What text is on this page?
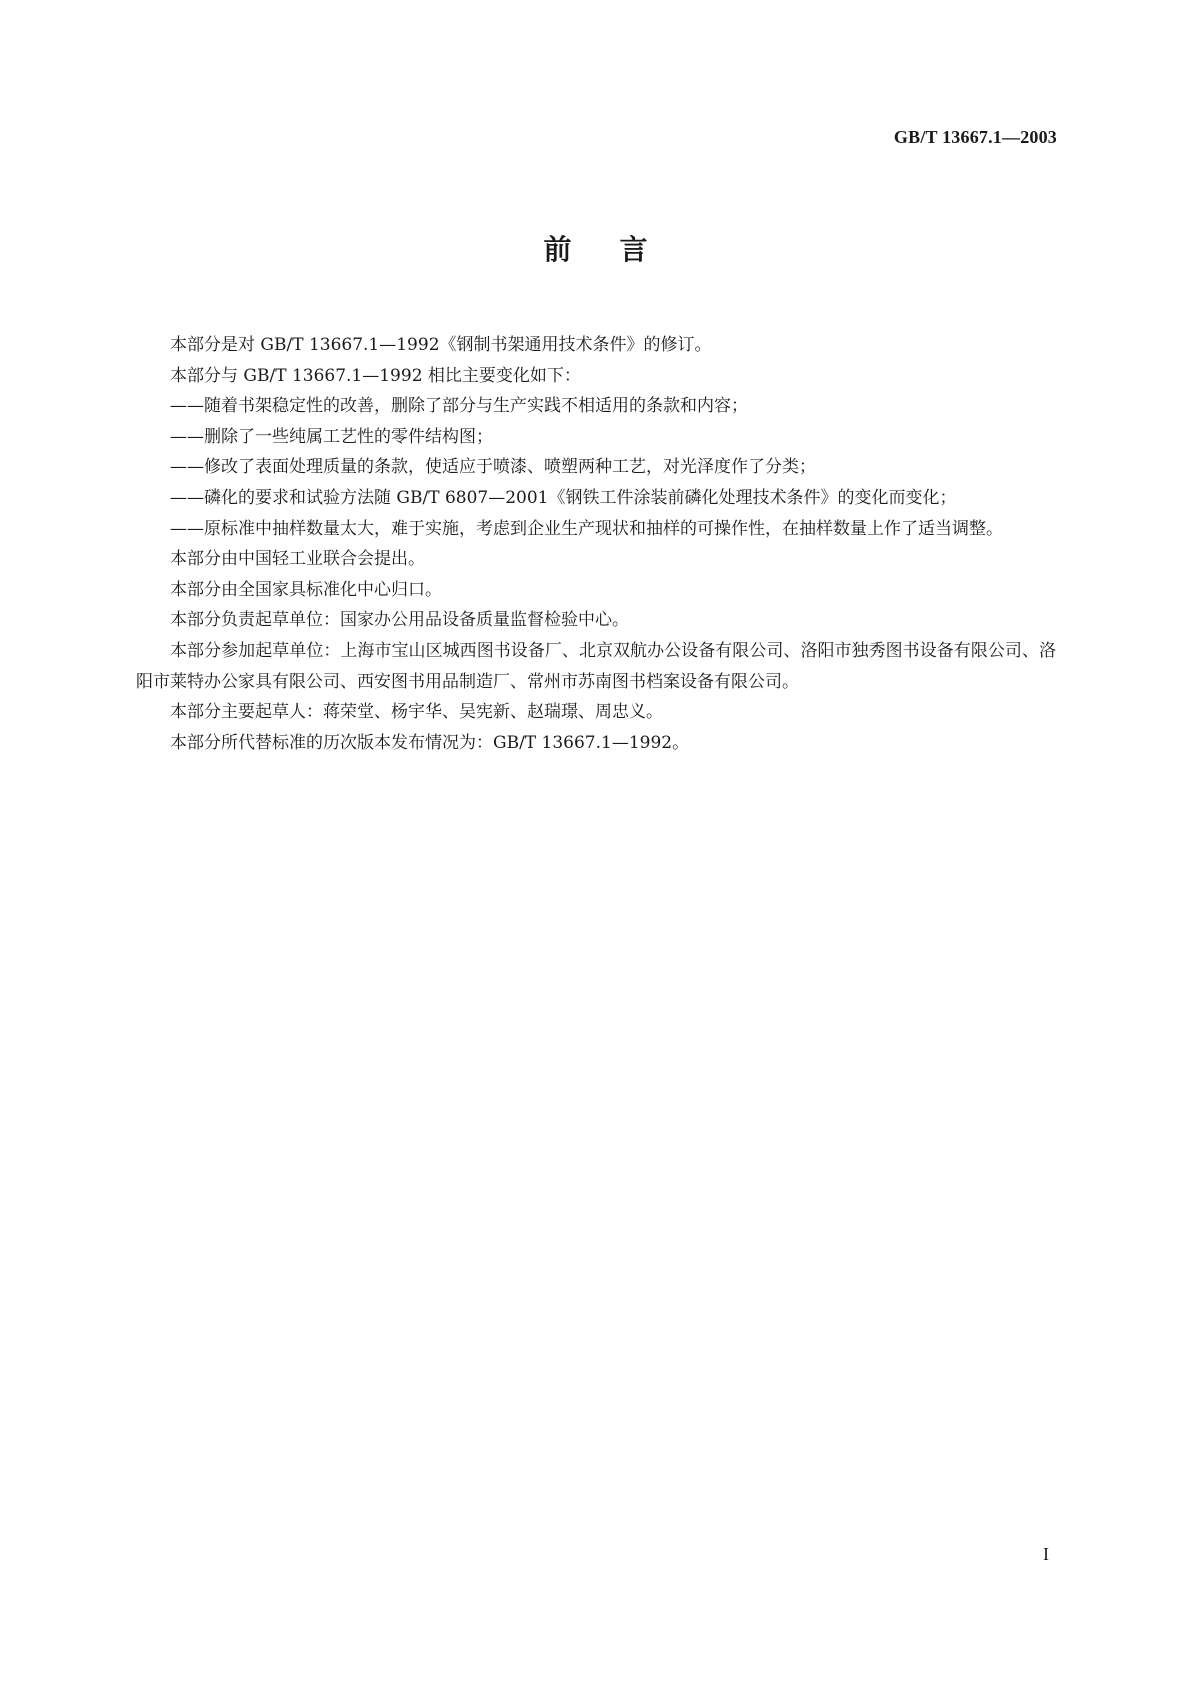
GB/T 13667.1—2003
前言

本部分是对 GB/T 13667.1—1992《钢制书架通用技术条件》的修订。

本部分与 GB/T 13667.1—1992 相比主要变化如下：

——随着书架稳定性的改善，删除了部分与生产实践不相适用的条款和内容；

——删除了一些纯属工艺性的零件结构图；

——修改了表面处理质量的条款，使适应于喷漆、喷塑两种工艺，对光泽度作了分类；

——磷化的要求和试验方法随 GB/T 6807—2001《钢铁工件涂装前磷化处理技术条件》的变化而变化；

——原标准中抽样数量太大，难于实施，考虑到企业生产现状和抽样的可操作性，在抽样数量上作了适当调整。

本部分由中国轻工业联合会提出。

本部分由全国家具标准化中心归口。

本部分负责起草单位：国家办公用品设备质量监督检验中心。

本部分参加起草单位：上海市宝山区城西图书设备厂、北京双航办公设备有限公司、洛阳市独秀图书设备有限公司、洛阳市莱特办公家具有限公司、西安图书用品制造厂、常州市苏南图书档案设备有限公司。

本部分主要起草人：蒋荣堂、杨宇华、吴宪新、赵瑞璟、周忠义。

本部分所代替标准的历次版本发布情况为：GB/T 13667.1—1992。

I
